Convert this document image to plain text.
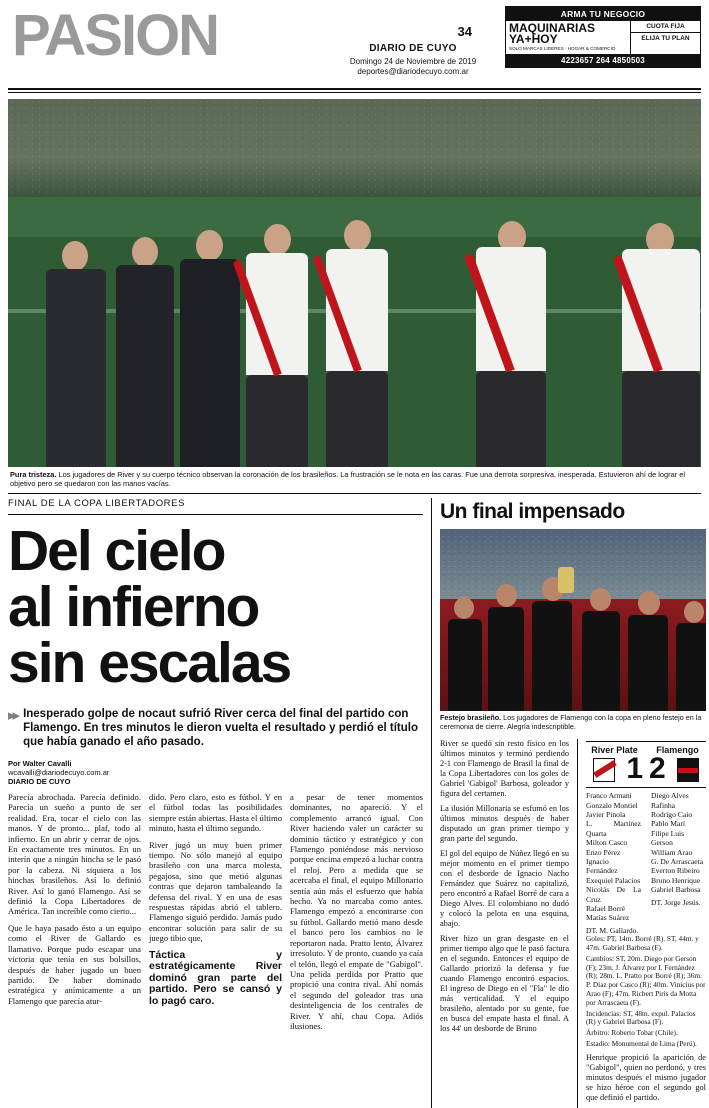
PASION	34
DIARIO DE CUYO
Domingo 24 de Noviembre de 2019
deportes@diariodecuyo.com.ar
ARMA TU NEGOCIO
MAQUINARIAS
YA+HOY
SOLO MARCAS LIDERES · HOGAR & COMERCIO
CUOTA FIJA
ELIJA TU PLAN
4223657 264 4850503
Pura tristeza. Los jugadores de River y su cuerpo técnico observan la coronación de los brasileños. La frustración se le nota en las caras. Fue una derrota sorpresiva, inesperada. Estuvieron ahí de lograr el objetivo pero se quedaron con las manos vacías.
FINAL DE LA COPA LIBERTADORES
Del cielo
al infierno
sin escalas
▸▸ Inesperado golpe de nocaut sufrió River cerca del final del partido con Flamengo. En tres minutos le dieron vuelta el resultado y perdió el título que había ganado el año pasado.
Por Walter Cavalli
wcavalli@diariodecuyo.com.ar
DIARIO DE CUYO

Parecía abrochada. Parecía definido. Parecía un sueño a punto de ser realidad. Era, tocar el cielo con las manos. Y de pronto... plaf, todo al infierno. En un abrir y cerrar de ojos. En exactamente tres minutos. En un interín que a ningún hincha se le pasó por la cabeza. Ni siquiera a los hinchas brasileños. Así lo definió River. Así lo ganó Flamengo. Así se definió la Copa Libertadores de América. Tan increíble como cierto...

Que le haya pasado ésto a un equipo como el River de Gallardo es llamativo. Porque pudo escapar una victoria que tenía en sus bolsillos, después de haber jugado un buen partido. De haber dominado estratégica y anímicamente a un Flamengo que parecía atur-

dido. Pero claro, esto es fútbol. Y en el fútbol todas las posibilidades siempre están abiertas. Hasta el último minuto, hasta el último segundo.

River jugó un muy buen primer tiempo. No sólo manejó al equipo brasileño con una marca molesta, pegajosa, sino que metió algunas contras que dejaron tambaleando la defensa del rival. Y en una de esas respuestas rápidas abrió el tablero. Flamengo siguió perdido. Jamás pudo encontrar solución para salir de su juego tibio que,

Táctica y estratégicamente River dominó gran parte del partido. Pero se cansó y lo pagó caro.

a pesar de tener momentos dominantes, no apareció. Y el complemento arrancó igual. Con River haciendo valer un carácter su dominio táctico y estratégico y con Flamengo poniéndose más nervioso porque encima empezó a luchar contra el reloj. Pero a medida que se acercaba el final, el equipo Millonario sentía aún más el esfuerzo que había hecho. Ya no marcaba como antes. Flamengo empezó a encontrarse con su fútbol. Gallardo metió mano desde el banco pero los cambios no le reportaron nada. Pratto lento, Álvarez irresoluto. Y de pronto, cuando ya caía el telón, llegó el empate de "Gabigol". Una pelida perdida por Pratto que propició una contra rival. Ahí nomás el segundo del goleador tras una desinteligencia de los centrales de River. Y ahí, chau Copa. Adiós ilusiones.

Un final impensado
Festejo brasileño. Los jugadores de Flamengo con la copa en pleno festejo en la ceremonia de cierre. Alegría indescriptible.

River se quedó sin resto físico en los últimos minutos y terminó perdiendo 2-1 con Flamengo de Brasil la final de la Copa Libertadores con los goles de Gabriel 'Gabigol' Barbosa, goleador y figura del certamen.

La ilusión Millonaria se esfumó en los últimos minutos después de haber disputado un gran primer tiempo y gran parte del segundo.

El gol del equipo de Núñez llegó en su mejor momento en el primer tiempo con el desborde de Ignacio Nacho Fernández que Suárez no capitalizó, pero encontró a Rafael Borré de cara a Diego Alves. El colombiano no dudó y colocó la pelota en una esquina, abajo.

River hizo un gran desgaste en el primer tiempo algo que le pasó factura en el segundo. Entonces el equipo de Gallardo priorizó la defensa y fue cuando Flamengo encontró espacios. El ingreso de Diego en el "Fla" le dio más verticalidad. Y el equipo brasileño, alentado por su gente, fue en busca del empate hasta el final. A los 44' un desborde de Bruno

River Plate
1
Flamengo
2
Franco Armani
Gonzalo Montiel
Javier Pinola
L. Martínez Quarta
Milton Casco
Enzo Pérez
Ignacio Fernández
Exequiel Palacios
Nicolás De La Cruz
Rafael Borré
Matías Suárez
DT. M. Gallardo.
Diego Alves
Rafinha
Rodrigo Caio
Pablo Marí
Filipe Luis
Gerson
William Arao
G. De Arrascaeta
Everton Ribeiro
Bruno Henrique
Gabriel Barbosa
DT. Jorge Jesús.

Goles: PT, 14m. Borré (R). ST, 44m. y 47m. Gabriel Barbosa (F).

Cambios: ST, 20m. Diego por Gerson (F); 23m. J. Álvarez por I. Fernández (R); 28m. L. Pratto por Borré (R); 36m. P. Díaz por Casco (R); 40m. Vinicius por Arao (F); 47m. Ricbert Piris da Motta por Arrascaeta (F).

Incidencias: ST, 48m. expul. Palacios (R) y Gabriel Barbosa (F).

Árbitro: Roberto Tobar (Chile).

Estadio: Monumental de Lima (Perú).

Henrique propició la aparición de "Gabigol", quien no perdonó, y tres minutos después el mismo jugador se hizo héroe con el segundo gol que definió el partido.
